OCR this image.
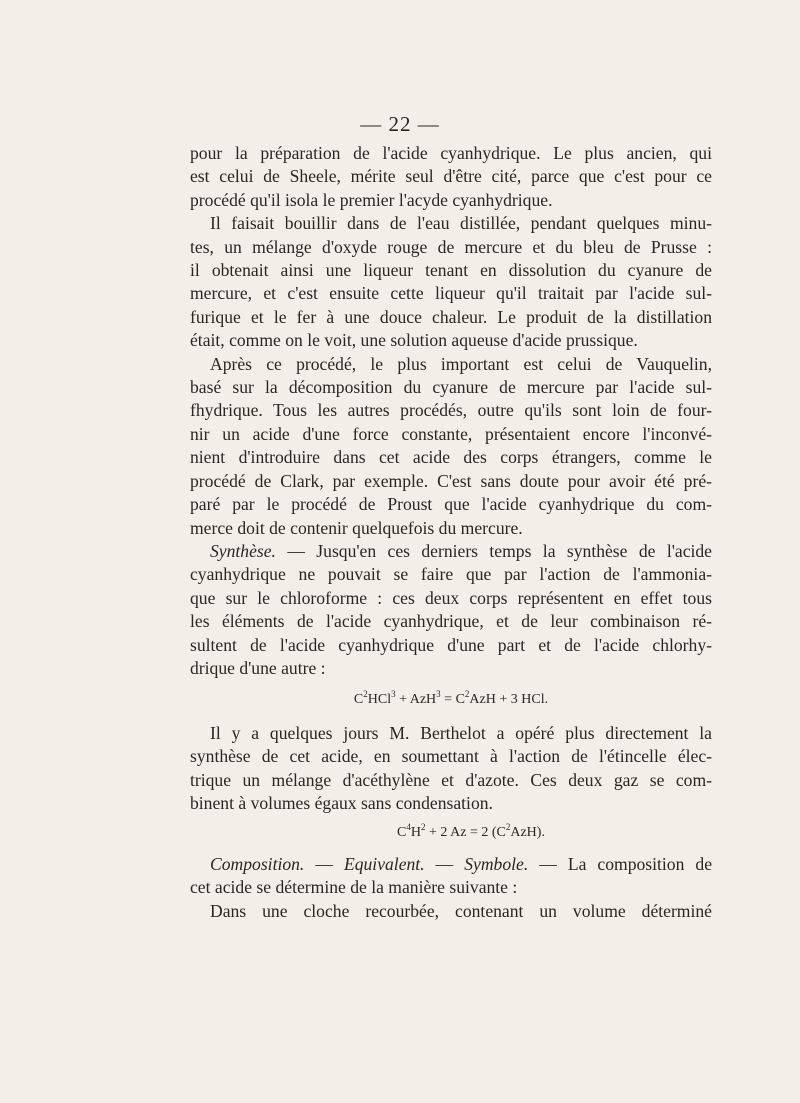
— 22 —
pour la préparation de l'acide cyanhydrique. Le plus ancien, qui
est celui de Sheele, mérite seul d'être cité, parce que c'est pour ce
procédé qu'il isola le premier l'acyde cyanhydrique.
Il faisait bouillir dans de l'eau distillée, pendant quelques minu-
tes, un mélange d'oxyde rouge de mercure et du bleu de Prusse :
il obtenait ainsi une liqueur tenant en dissolution du cyanure de
mercure, et c'est ensuite cette liqueur qu'il traitait par l'acide sul-
furique et le fer à une douce chaleur. Le produit de la distillation
était, comme on le voit, une solution aqueuse d'acide prussique.
Après ce procédé, le plus important est celui de Vauquelin,
basé sur la décomposition du cyanure de mercure par l'acide sul-
fhydrique. Tous les autres procédés, outre qu'ils sont loin de four-
nir un acide d'une force constante, présentaient encore l'inconvé-
nient d'introduire dans cet acide des corps étrangers, comme le
procédé de Clark, par exemple. C'est sans doute pour avoir été pré-
paré par le procédé de Proust que l'acide cyanhydrique du com-
merce doit de contenir quelquefois du mercure.
Synthèse. — Jusqu'en ces derniers temps la synthèse de l'acide
cyanhydrique ne pouvait se faire que par l'action de l'ammonia-
que sur le chloroforme : ces deux corps représentent en effet tous
les éléments de l'acide cyanhydrique, et de leur combinaison ré-
sultent de l'acide cyanhydrique d'une part et de l'acide chlorhy-
drique d'une autre :
$C^2HCl^3 + AzH^3 = C^2AzH + 3$ HCl.
Il y a quelques jours M. Berthelot a opéré plus directement la
synthèse de cet acide, en soumettant à l'action de l'étincelle élec-
trique un mélange d'acéthylène et d'azote. Ces deux gaz se com-
binent à volumes égaux sans condensation.
$C^4H^2 + 2$ Az = 2 $(C^2AzH)$.
Composition. — Equivalent. — Symbole. — La composition de
cet acide se détermine de la manière suivante :
Dans une cloche recourbée, contenant un volume déterminé
